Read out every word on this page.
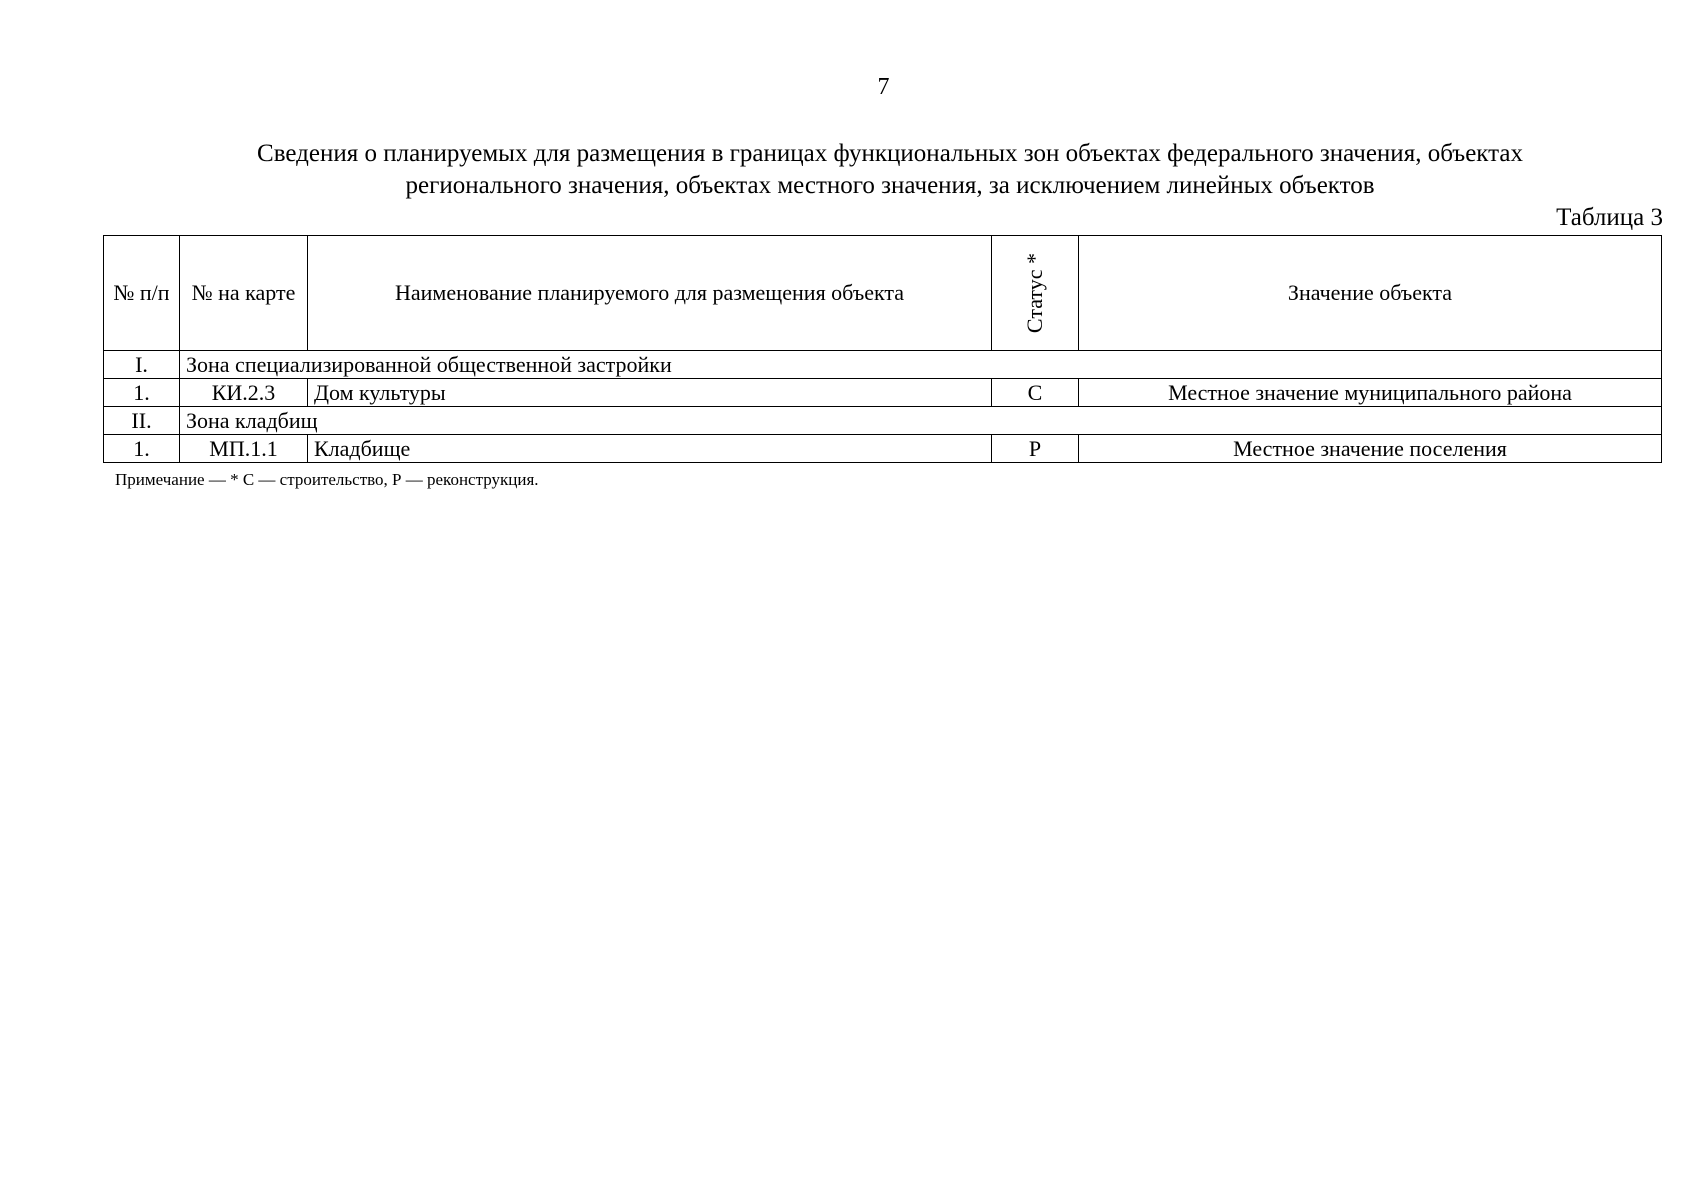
7
Сведения о планируемых для размещения в границах функциональных зон объектах федерального значения, объектах
регионального значения, объектах местного значения, за исключением линейных объектов
Таблица 3
№ п/п	№ на карте	Наименование планируемого для размещения объекта	Статус *	Значение объекта
I.	Зона специализированной общественной застройки			
1.	КИ.2.3	Дом культуры	С	Местное значение муниципального района
II.	Зона кладбищ			
1.	МП.1.1	Кладбище	Р	Местное значение поселения
Примечание — * С — строительство, Р — реконструкция.
